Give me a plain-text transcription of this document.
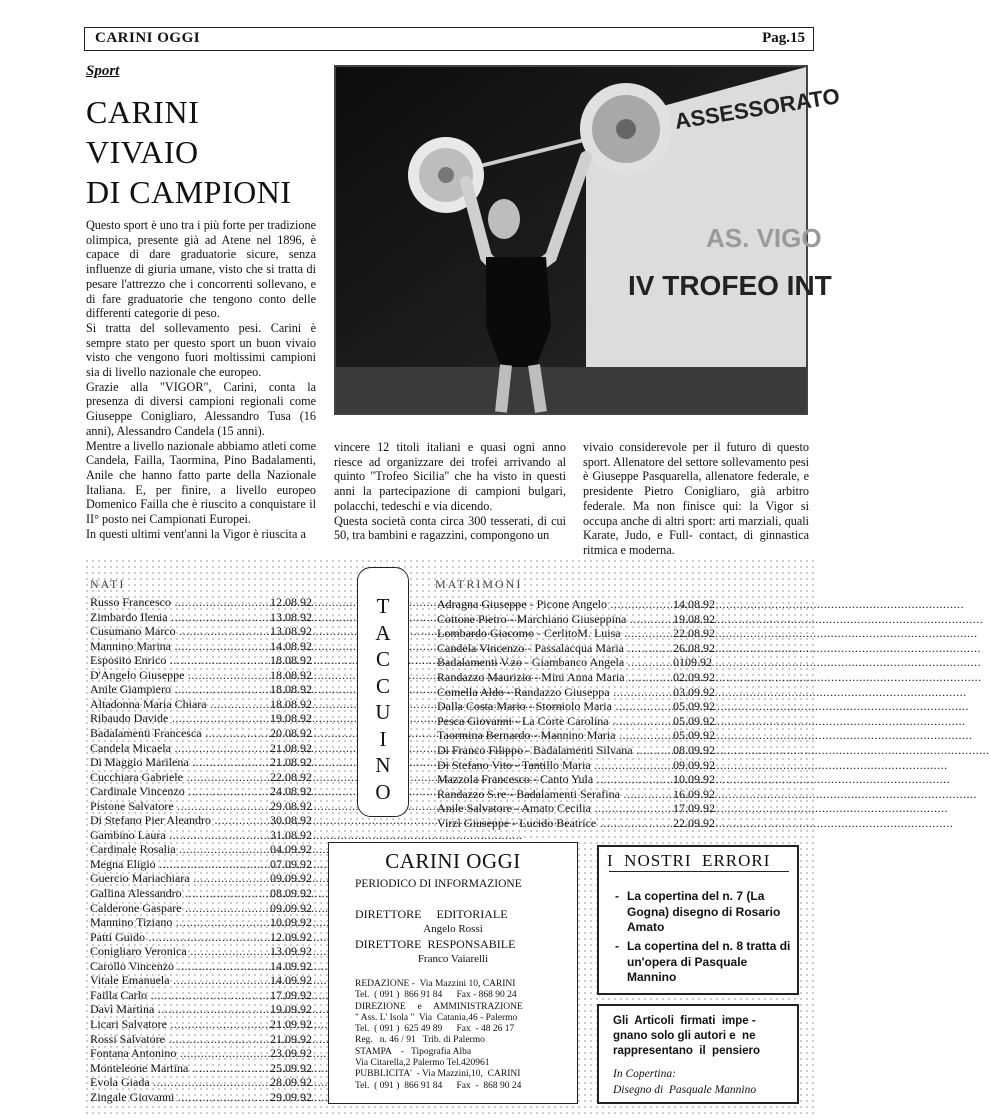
CARINI OGGI	Pag.15
Sport
CARINI
VIVAIO
DI CAMPIONI

Questo sport è uno tra i più forte per tradizione olimpica, presente già ad Atene nel 1896, è capace di dare graduatorie sicure, senza influenze di giuria umane, visto che si tratta di pesare l'attrezzo che i concorrenti sollevano, e di fare graduatorie che tengono conto delle differenti categorie di peso.

Si tratta del sollevamento pesi. Carini è sempre stato per questo sport un buon vivaio visto che vengono fuori moltissimi campioni sia di livello nazionale che europeo.

Grazie alla "VIGOR", Carini, conta la presenza di diversi campioni regionali come Giuseppe Conigliaro, Alessandro Tusa (16 anni), Alessandro Candela (15 anni).

Mentre a livello nazionale abbiamo atleti come Candela, Failla, Taormina, Pino Badalamenti, Anile che hanno fatto parte della Nazionale Italiana. E, per finire, a livello europeo Domenico Failla che è riuscito a conquistare il II° posto nei Campionati Europei.

In questi ultimi vent'anni la Vigor è riuscita a

ASSESSORATO
AS. VIGO
IV TROFEO INT

vincere 12 titoli italiani e quasi ogni anno riesce ad organizzare dei trofei arrivando al quinto "Trofeo Sicilia" che ha visto in questi anni la partecipazione di campioni bulgari, polacchi, tedeschi e via dicendo.

Questa società conta circa 300 tesserati, di cui 50, tra bambini e ragazzini, compongono un

vivaio considerevole per il futuro di questo sport. Allenatore del settore sollevamento pesi è Giuseppe Pasquarella, allenatore federale, e presidente Pietro Conigliaro, già arbitro federale. Ma non finisce qui: la Vigor si occupa anche di altri sport: arti marziali, quali Karate, Judo, e Full- contact, di ginnastica ritmica e moderna.

NATI
Russo Francesco .....	12.08.92
Zimbardo Ilenia .....	13.08.92
Cusumano Marco .....	13.08.92
Mannino Marina .....	14.08.92
Esposito Enrico .....	18.08.92
D'Angelo Giuseppe .....	18.08.92
Anile Giampiero .....	18.08.92
Altadonna Maria Chiara .....	18.08.92
Ribaudo Davide .....	19.08.92
Badalamenti Francesca .....	20.08.92
Candela Micaela .....	21.08.92
Di Maggio Marilena .....	21.08.92
Cucchiara Gabriele .....	22.08.92
Cardinale Vincenzo .....	24.08.92
Pistone Salvatore .....	29.08.92
Di Stefano Pier Aleandro .....	30.08.92
Gambino Laura .....	31.08.92
Cardinale Rosalia .....	04.09.92
Megna Eligio .....	07.09.92
Guercio Mariachiara .....	09.09.92
Gallina Alessandro .....	08.09.92
Calderone Gaspare .....	09.09.92
Mannino Tiziano .....	10.09.92
Patti Guido .....	12.09.92
Conigliaro Veronica .....	13.09.92
Carollo Vincenzo .....	14.09.92
Vitale Emanuela .....	14.09.92
Failla Carlo .....	17.09.92
Davì Martina .....	19.09.92
Licari Salvatore .....	21.09.92
Rossi Salvatore .....	21.09.92
Fontana Antonino .....	23.09.92
Monteleone Martina .....	25.09.92
Evola Giada .....	28.09.92
Zingale Giovanni .....	29.09.92
T
A
C
C
U
I
N
O
MATRIMONI
Adragna Giuseppe - Picone Angelo .....	14.08.92
Cottone Pietro - Marchiano Giuseppina .....	19.08.92
Lombardo Giacomo - CerlitoM. Luisa .....	22.08.92
Candela Vincenzo - Passalacqua Maria .....	26.08.92
Badalamenti V.zo - Giambanco Angela .....	0109.92
Randazzo Maurizio - Mini Anna Maria .....	02.09.92
Comella Aldo - Randazzo Giuseppa .....	03.09.92
Dalla Costa Mario - Storniolo Maria .....	05.09.92
Pesca Giovanni - La Corte Carolina .....	05.09.92
Taormina Bernardo - Mannino Maria .....	05.09.92
Di Franco Filippo - Badalamenti Silvana .....	08.09.92
Di Stefano Vito - Tantillo Maria .....	09.09.92
Mazzola Francesco - Canto Yula .....	10.09.92
Randazzo S.re - Badalamenti Serafina .....	16.09.92
Anile Salvatore - Amato Cecilia .....	17.09.92
Virzì Giuseppe - Lucido Beatrice .....	22.09.92
CARINI OGGI
PERIODICO DI INFORMAZIONE
DIRETTORE     EDITORIALE
Angelo Rossi
DIRETTORE  RESPONSABILE
Franco Vaiarelli
REDAZIONE -  Via Mazzini 10, CARINI
Tel.  ( 091 )  866 91 84      Fax - 868 90 24
DIREZIONE     e     AMMINISTRAZIONE
" Ass. L' Isola "  Via  Catania,46 - Palermo
Tel.  ( 091 )  625 49 89      Fax  - 48 26 17
Reg.   n. 46 / 91   Trib. di Palermo
STAMPA    -   Tipografia Alba
Via Citarella,2 Palermo Tel.420961
PUBBLICITA'  - Via Mazzini,10,  CARINI
Tel.  ( 091 )  866 91 84      Fax  -  868 90 24
I  NOSTRI  ERRORI
- La copertina del n. 7 (La Gogna) disegno di Rosario Amato
- La copertina del n. 8 tratta di un'opera di Pasquale Mannino
Gli  Articoli  firmati  impe - gnano solo gli autori e  ne rappresentano  il  pensiero
In Copertina:
Disegno di  Pasquale Mannino
